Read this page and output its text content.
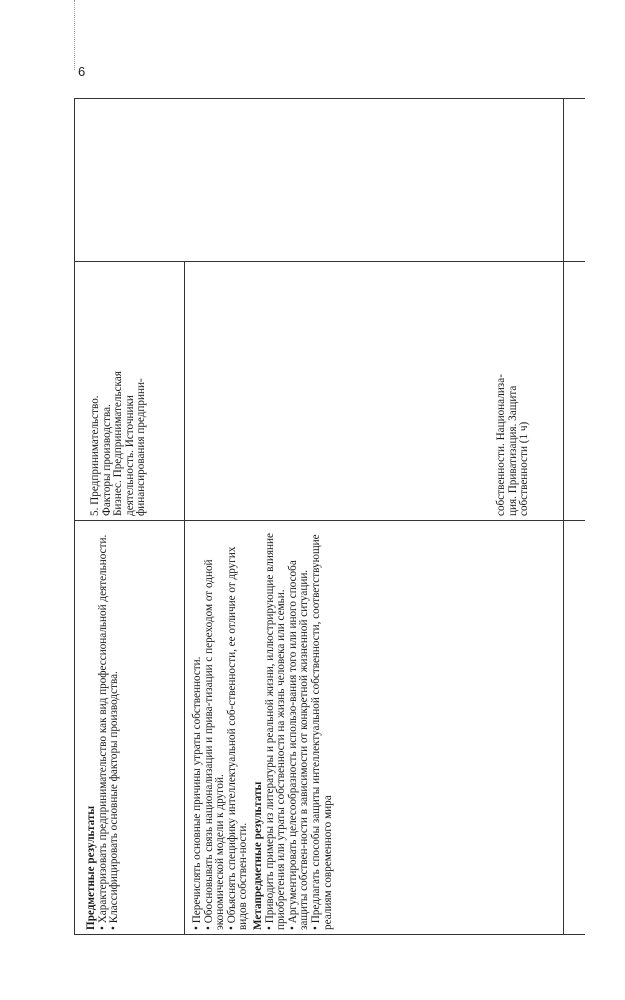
6

5. Предпринимательство. Факторы производства.
Бизнес. Предпринимательская
деятельность. Источники
финансирования предприни-

собственности. Национализа-
ция. Приватизация. Защита
собственности (1 ч)

• Перечислять основные причины утраты собственности. • Обосновывать связь национализации и прива-тизации с переходом от одной экономической модели к другой. • Объяснять специфику интеллектуальной соб-ственности, ее отличие от других видов собствен-ности. Метапредметные результаты • Приводить примеры из литературы и реальной жизни, иллюстрирующие влияние приобретения или утраты собственности на жизнь человека или семьи. • Аргументировать целесообразность использо-вания того или иного способа защиты собствен-ности в зависимости от конкретной жизненной ситуации. • Предлагать способы защиты интеллектуальной собственности, соответствующие реалиям современного мира

Предметные результаты • Характеризовать предпринимательство как вид профессиональной деятельности. • Классифицировать основные факторы производства.
